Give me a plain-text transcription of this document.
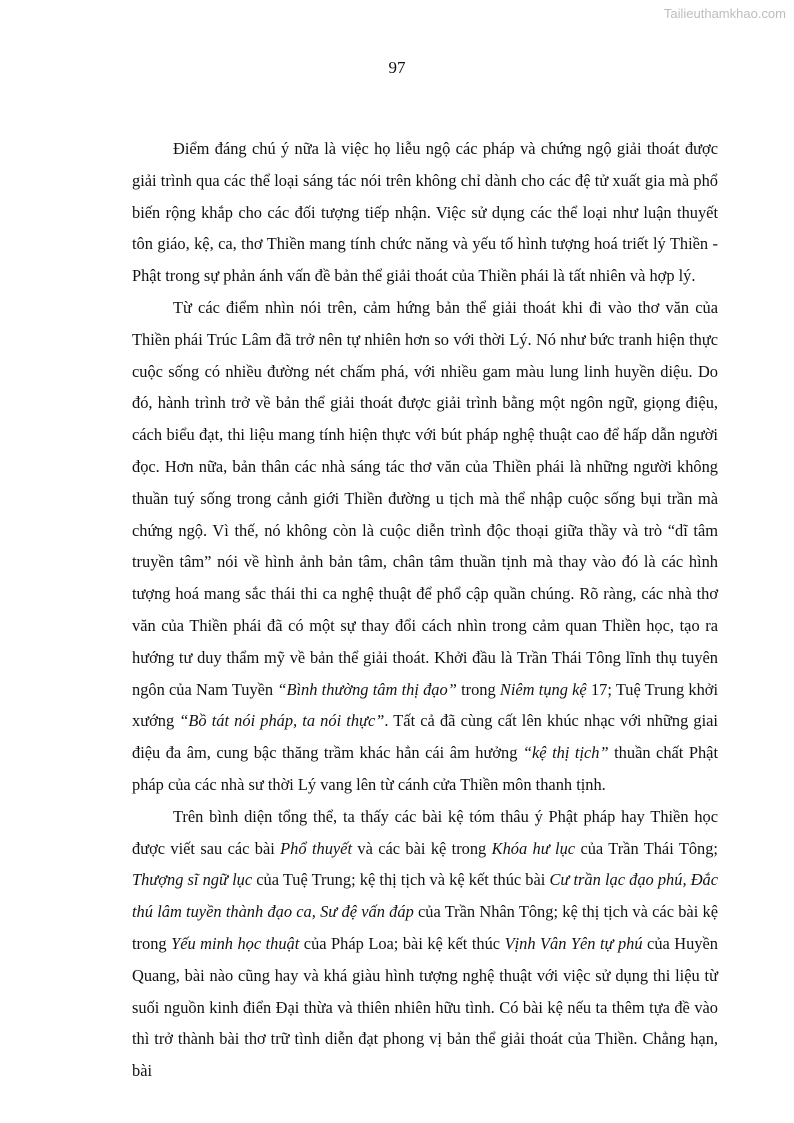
Tailieuthamkhao.com
97

Điểm đáng chú ý nữa là việc họ liễu ngộ các pháp và chứng ngộ giải thoát được giải trình qua các thể loại sáng tác nói trên không chỉ dành cho các đệ tử xuất gia mà phổ biến rộng khắp cho các đối tượng tiếp nhận. Việc sử dụng các thể loại như luận thuyết tôn giáo, kệ, ca, thơ Thiền mang tính chức năng và yếu tố hình tượng hoá triết lý Thiền - Phật trong sự phản ánh vấn đề bản thể giải thoát của Thiền phái là tất nhiên và hợp lý.

Từ các điểm nhìn nói trên, cảm hứng bản thể giải thoát khi đi vào thơ văn của Thiền phái Trúc Lâm đã trở nên tự nhiên hơn so với thời Lý. Nó như bức tranh hiện thực cuộc sống có nhiều đường nét chấm phá, với nhiều gam màu lung linh huyền diệu. Do đó, hành trình trở về bản thể giải thoát được giải trình bằng một ngôn ngữ, giọng điệu, cách biểu đạt, thi liệu mang tính hiện thực với bút pháp nghệ thuật cao để hấp dẫn người đọc. Hơn nữa, bản thân các nhà sáng tác thơ văn của Thiền phái là những người không thuần tuý sống trong cảnh giới Thiền đường u tịch mà thể nhập cuộc sống bụi trần mà chứng ngộ. Vì thế, nó không còn là cuộc diễn trình độc thoại giữa thầy và trò “dĩ tâm truyền tâm” nói về hình ảnh bản tâm, chân tâm thuần tịnh mà thay vào đó là các hình tượng hoá mang sắc thái thi ca nghệ thuật để phổ cập quần chúng. Rõ ràng, các nhà thơ văn của Thiền phái đã có một sự thay đổi cách nhìn trong cảm quan Thiền học, tạo ra hướng tư duy thẩm mỹ về bản thể giải thoát. Khởi đầu là Trần Thái Tông lĩnh thụ tuyên ngôn của Nam Tuyền “Bình thường tâm thị đạo” trong Niêm tụng kệ 17; Tuệ Trung khởi xướng “Bồ tát nói pháp, ta nói thực”. Tất cả đã cùng cất lên khúc nhạc với những giai điệu đa âm, cung bậc thăng trầm khác hẳn cái âm hưởng “kệ thị tịch” thuần chất Phật pháp của các nhà sư thời Lý vang lên từ cánh cửa Thiền môn thanh tịnh.

Trên bình diện tổng thể, ta thấy các bài kệ tóm thâu ý Phật pháp hay Thiền học được viết sau các bài Phổ thuyết và các bài kệ trong Khóa hư lục của Trần Thái Tông; Thượng sĩ ngữ lục của Tuệ Trung; kệ thị tịch và kệ kết thúc bài Cư trần lạc đạo phú, Đắc thú lâm tuyền thành đạo ca, Sư đệ vấn đáp của Trần Nhân Tông; kệ thị tịch và các bài kệ trong Yếu minh học thuật của Pháp Loa; bài kệ kết thúc Vịnh Vân Yên tự phú của Huyền Quang, bài nào cũng hay và khá giàu hình tượng nghệ thuật với việc sử dụng thi liệu từ suối nguồn kinh điển Đại thừa và thiên nhiên hữu tình. Có bài kệ nếu ta thêm tựa đề vào thì trở thành bài thơ trữ tình diễn đạt phong vị bản thể giải thoát của Thiền. Chẳng hạn, bài
